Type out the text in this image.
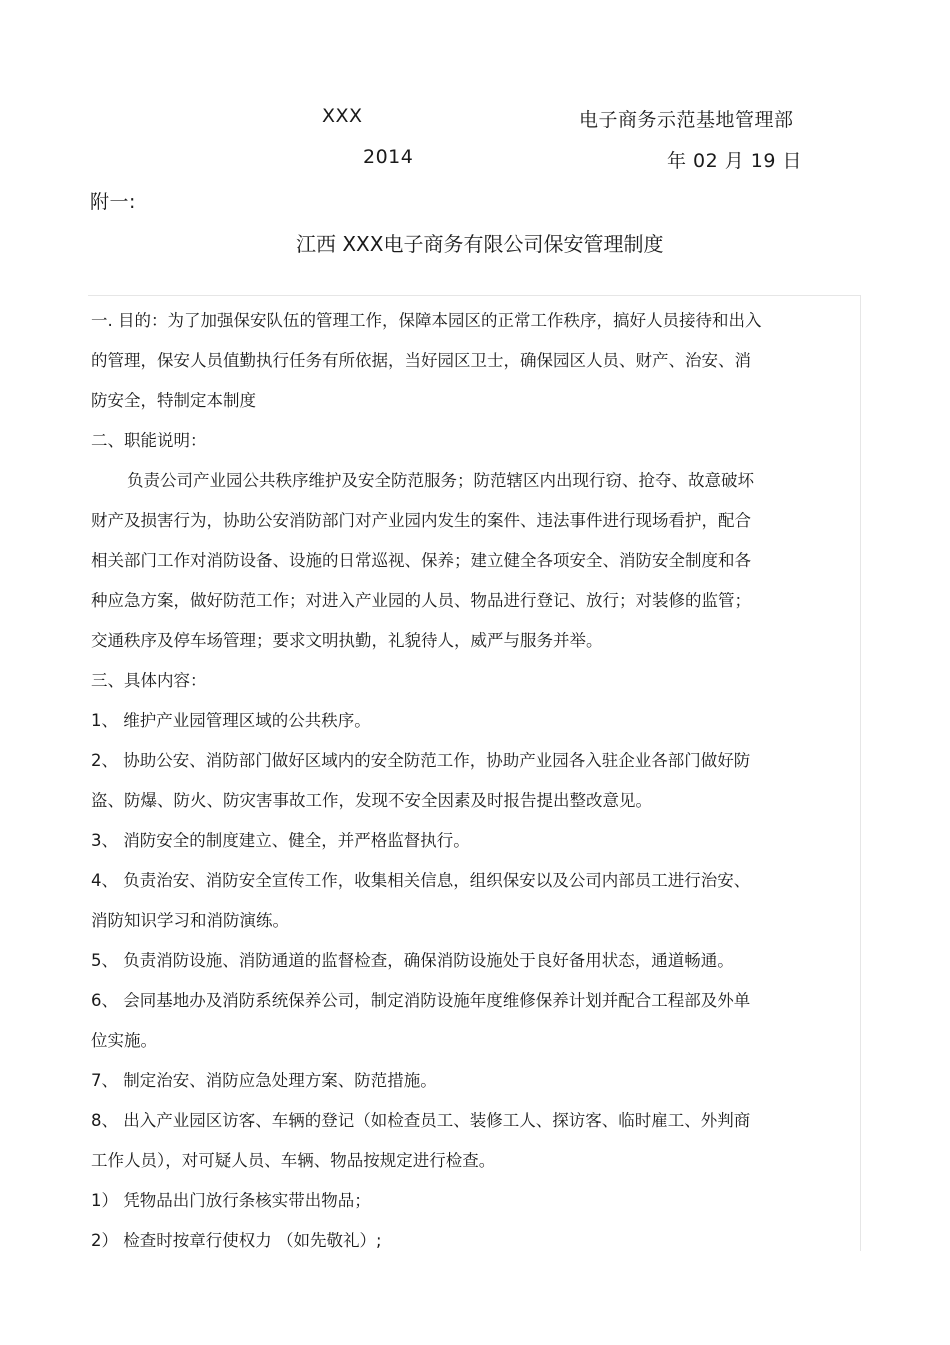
XXX	电子商务示范基地管理部
2014	年 02 月 19 日
附一:
江西 XXX电子商务有限公司保安管理制度
一. 目的：为了加强保安队伍的管理工作，保障本园区的正常工作秩序，搞好人员接待和出入
的管理，保安人员值勤执行任务有所依据，当好园区卫士，确保园区人员、财产、治安、消
防安全，特制定本制度
二、职能说明：
负责公司产业园公共秩序维护及安全防范服务；防范辖区内出现行窃、抢夺、故意破坏
财产及损害行为，协助公安消防部门对产业园内发生的案件、违法事件进行现场看护，配合
相关部门工作对消防设备、设施的日常巡视、保养；建立健全各项安全、消防安全制度和各
种应急方案，做好防范工作；对进入产业园的人员、物品进行登记、放行；对装修的监管；
交通秩序及停车场管理；要求文明执勤，礼貌待人，威严与服务并举。
三、具体内容：
1、 维护产业园管理区域的公共秩序。
2、 协助公安、消防部门做好区域内的安全防范工作，协助产业园各入驻企业各部门做好防
盗、防爆、防火、防灾害事故工作，发现不安全因素及时报告提出整改意见。
3、 消防安全的制度建立、健全，并严格监督执行。
4、 负责治安、消防安全宣传工作，收集相关信息，组织保安以及公司内部员工进行治安、
消防知识学习和消防演练。
5、 负责消防设施、消防通道的监督检查，确保消防设施处于良好备用状态，通道畅通。
6、 会同基地办及消防系统保养公司，制定消防设施年度维修保养计划并配合工程部及外单
位实施。
7、 制定治安、消防应急处理方案、防范措施。
8、 出入产业园区访客、车辆的登记（如检查员工、装修工人、探访客、临时雇工、外判商
工作人员），对可疑人员、车辆、物品按规定进行检查。
1） 凭物品出门放行条核实带出物品；
2） 检查时按章行使权力 （如先敬礼）;
